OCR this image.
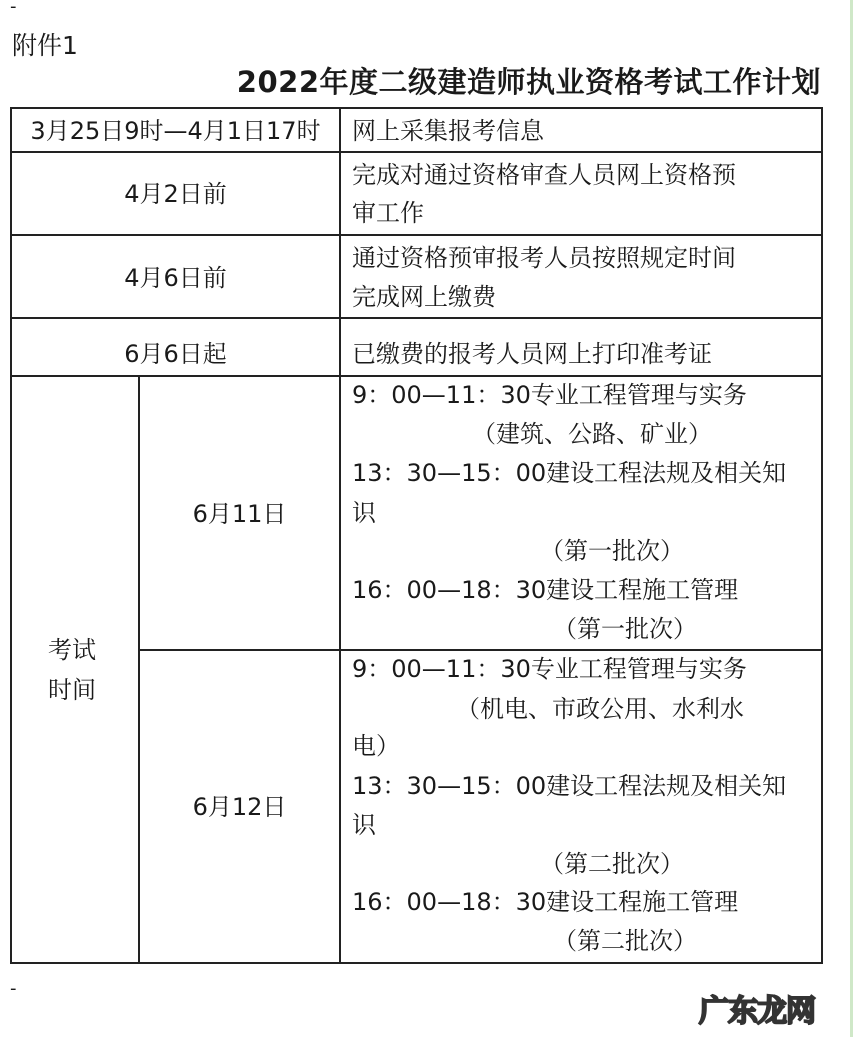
-
附件1
2022年度二级建造师执业资格考试工作计划
3月25日9时—4月1日17时	网上采集报考信息
4月2日前
完成对通过资格审查人员网上资格预
审工作
4月6日前
通过资格预审报考人员按照规定时间
完成网上缴费
6月6日起	已缴费的报考人员网上打印准考证
考试
时间
6月11日
9：00—11：30专业工程管理与实务
（建筑、公路、矿业）
13：30—15：00建设工程法规及相关知
识
（第一批次）
16：00—18：30建设工程施工管理
（第一批次）
6月12日
9：00—11：30专业工程管理与实务
（机电、市政公用、水利水
电）
13：30—15：00建设工程法规及相关知
识
（第二批次）
16：00—18：30建设工程施工管理
（第二批次）
-
广东龙网
